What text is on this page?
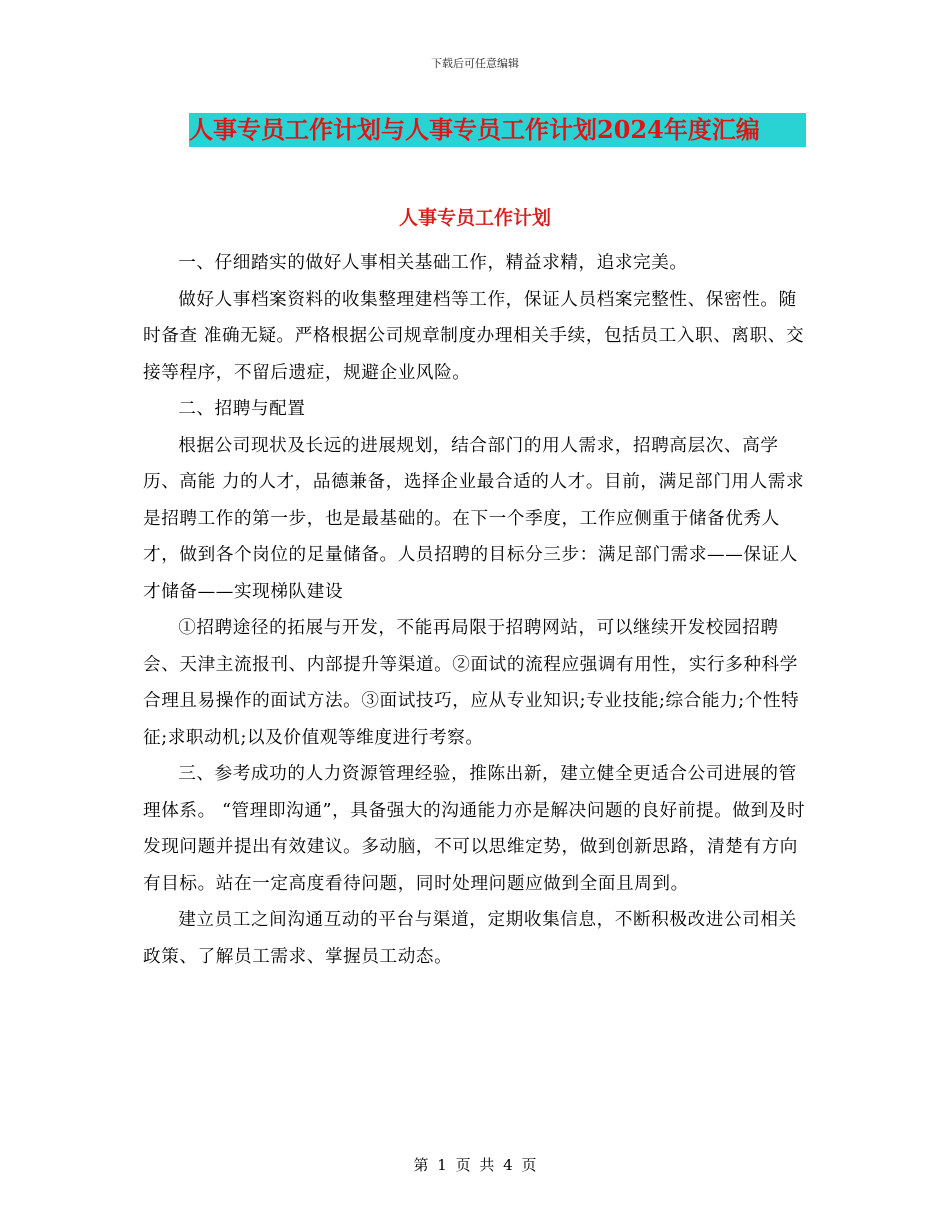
下载后可任意编辑
人事专员工作计划与人事专员工作计划2024年度汇编
人事专员工作计划

一、仔细踏实的做好人事相关基础工作，精益求精，追求完美。

做好人事档案资料的收集整理建档等工作，保证人员档案完整性、保密性。随时备查 准确无疑。严格根据公司规章制度办理相关手续，包括员工入职、离职、交接等程序，不留后遗症，规避企业风险。

二、招聘与配置

根据公司现状及长远的进展规划，结合部门的用人需求，招聘高层次、高学历、高能 力的人才，品德兼备，选择企业最合适的人才。目前，满足部门用人需求是招聘工作的第一步，也是最基础的。在下一个季度，工作应侧重于储备优秀人才，做到各个岗位的足量储备。人员招聘的目标分三步：满足部门需求——保证人才储备——实现梯队建设

①招聘途径的拓展与开发，不能再局限于招聘网站，可以继续开发校园招聘会、天津主流报刊、内部提升等渠道。②面试的流程应强调有用性，实行多种科学合理且易操作的面试方法。③面试技巧，应从专业知识;专业技能;综合能力;个性特征;求职动机;以及价值观等维度进行考察。

三、参考成功的人力资源管理经验，推陈出新，建立健全更适合公司进展的管理体系。 “管理即沟通”，具备强大的沟通能力亦是解决问题的良好前提。做到及时发现问题并提出有效建议。多动脑，不可以思维定势，做到创新思路，清楚有方向有目标。站在一定高度看待问题，同时处理问题应做到全面且周到。

建立员工之间沟通互动的平台与渠道，定期收集信息，不断积极改进公司相关政策、了解员工需求、掌握员工动态。

第 1 页 共 4 页
